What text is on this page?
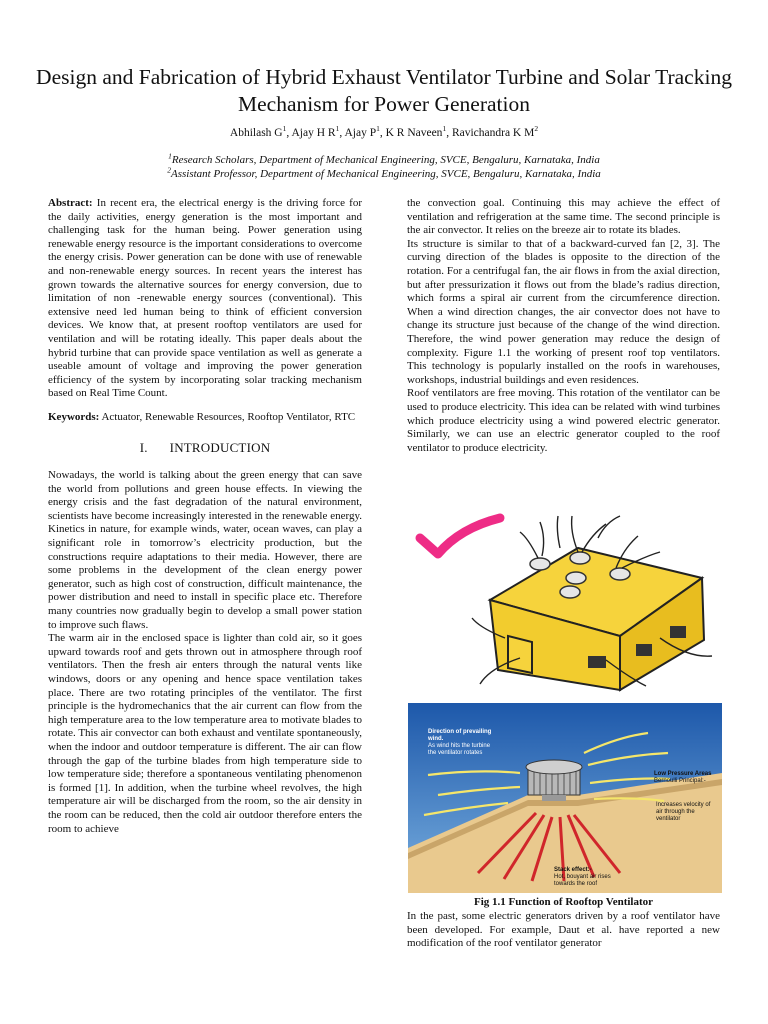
Design and Fabrication of Hybrid Exhaust Ventilator Turbine and Solar Tracking Mechanism for Power Generation
Abhilash $G^1$, Ajay H $R^1$, Ajay $P^1$, K R Naveen$^1$, Ravichandra K $M^2$
$^1$Research Scholars, Department of Mechanical Engineering, SVCE, Bengaluru, Karnataka, India
$^2$Assistant Professor, Department of Mechanical Engineering, SVCE, Bengaluru, Karnataka, India

Abstract: In recent era, the electrical energy is the driving force for the daily activities, energy generation is the most important and challenging task for the human being. Power generation using renewable energy resource is the important considerations to overcome the energy crisis. Power generation can be done with use of renewable and non-renewable energy sources. In recent years the interest has grown towards the alternative sources for energy conversion, due to limitation of non -renewable energy sources (conventional). This extensive need led human being to think of efficient conversion devices. We know that, at present rooftop ventilators are used for ventilation and will be rotating ideally. This paper deals about the hybrid turbine that can provide space ventilation as well as generate a useable amount of voltage and improving the power generation efficiency of the system by incorporating solar tracking mechanism based on Real Time Count.

Keywords: Actuator, Renewable Resources, Rooftop Ventilator, RTC

I. INTRODUCTION

Nowadays, the world is talking about the green energy that can save the world from pollutions and green house effects. In viewing the energy crisis and the fast degradation of the natural environment, scientists have become increasingly interested in the renewable energy. Kinetics in nature, for example winds, water, ocean waves, can play a significant role in tomorrow’s electricity production, but the constructions require adaptations to their media. However, there are some problems in the development of the clean energy power generator, such as high cost of construction, difficult maintenance, the power distribution and need to install in specific place etc. Therefore many countries now gradually begin to develop a small power station to improve such flaws.

The warm air in the enclosed space is lighter than cold air, so it goes upward towards roof and gets thrown out in atmosphere through roof ventilators. Then the fresh air enters through the natural vents like windows, doors or any opening and hence space ventilation takes place. There are two rotating principles of the ventilator. The first principle is the hydromechanics that the air current can flow from the high temperature area to the low temperature area to motivate blades to rotate. This air convector can both exhaust and ventilate spontaneously, when the indoor and outdoor temperature is different. The air can flow through the gap of the turbine blades from high temperature side to low temperature side; therefore a spontaneous ventilating phenomenon is formed [1]. In addition, when the turbine wheel revolves, the high temperature air will be discharged from the room, so the air density in the room can be reduced, then the cold air outdoor therefore enters the room to achieve

the convection goal. Continuing this may achieve the effect of ventilation and refrigeration at the same time. The second principle is the air convector. It relies on the breeze air to rotate its blades.

Its structure is similar to that of a backward-curved fan [2, 3]. The curving direction of the blades is opposite to the direction of the rotation. For a centrifugal fan, the air flows in from the axial direction, but after pressurization it flows out from the blade’s radius direction, which forms a spiral air current from the circumference direction. When a wind direction changes, the air convector does not have to change its structure just because of the change of the wind direction. Therefore, the wind power generation may reduce the design of complexity. Figure 1.1 the working of present roof top ventilators. This technology is popularly installed on the roofs in warehouses, workshops, industrial buildings and even residences.

Roof ventilators are free moving. This rotation of the ventilator can be used to produce electricity. This idea can be related with wind turbines which produce electricity using a wind powered electric generator. Similarly, we can use an electric generator coupled to the roof ventilator to produce electricity.

Direction of prevailing
wind.
As wind hits the turbine
the ventilator rotates
Low Pressure Areas
Bernoulli Principal:-
Increases velocity of
air through the
ventilator
Stack effect:-
Hot, bouyant air rises
towards the roof
Fig 1.1 Function of Rooftop Ventilator

In the past, some electric generators driven by a roof ventilator have been developed. For example, Daut et al. have reported a new modification of the roof ventilator generator
